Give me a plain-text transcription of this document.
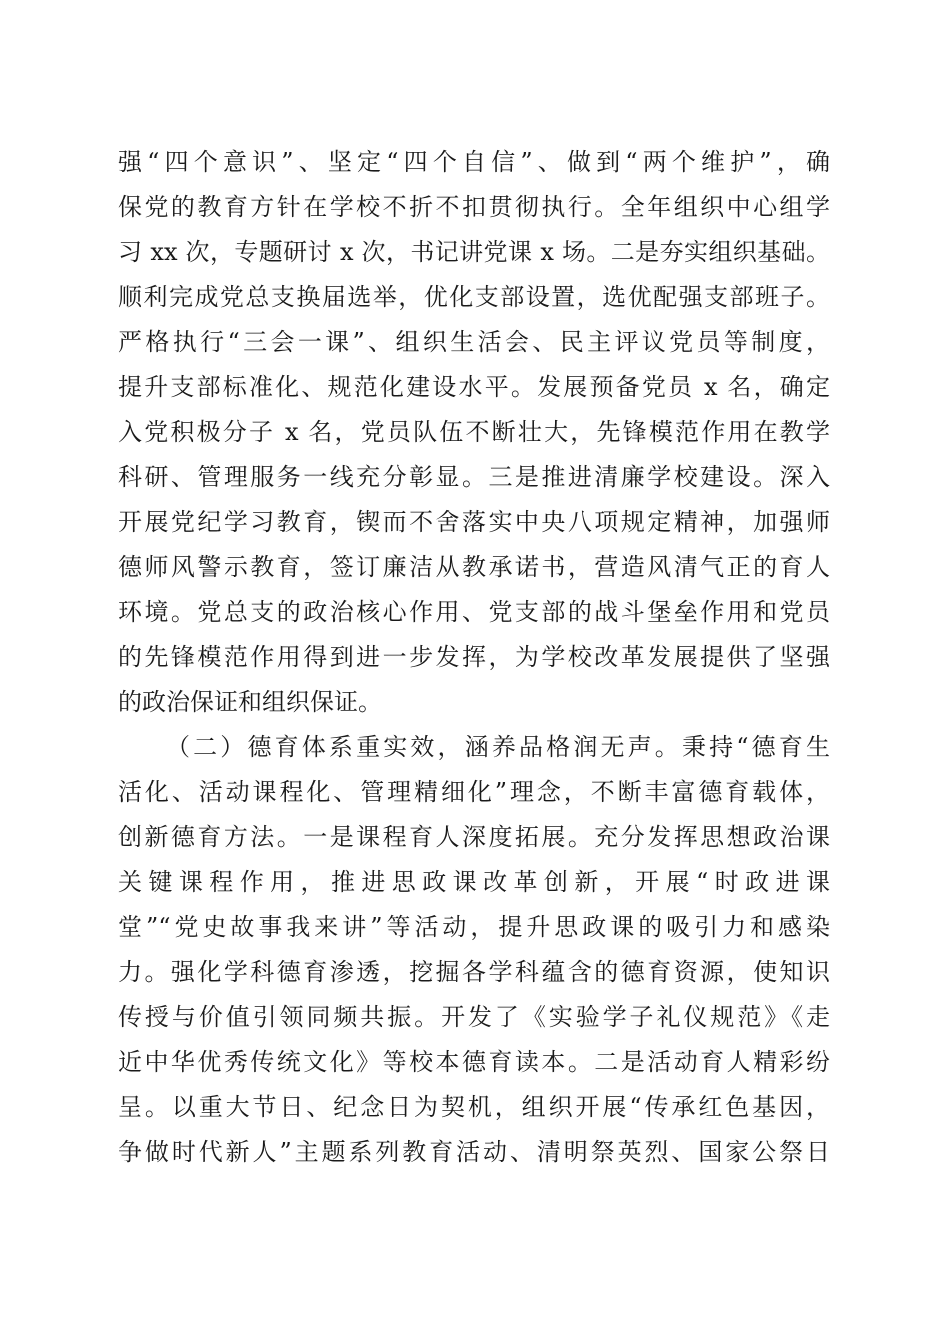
强“四个意识”、坚定“四个自信”、做到“两个维护”，确
保党的教育方针在学校不折不扣贯彻执行。全年组织中心组学
习 xx 次，专题研讨 x 次，书记讲党课 x 场。二是夯实组织基础。
顺利完成党总支换届选举，优化支部设置，选优配强支部班子。
严格执行“三会一课”、组织生活会、民主评议党员等制度，
提升支部标准化、规范化建设水平。发展预备党员 x 名，确定
入党积极分子 x 名，党员队伍不断壮大，先锋模范作用在教学
科研、管理服务一线充分彰显。三是推进清廉学校建设。深入
开展党纪学习教育，锲而不舍落实中央八项规定精神，加强师
德师风警示教育，签订廉洁从教承诺书，营造风清气正的育人
环境。党总支的政治核心作用、党支部的战斗堡垒作用和党员
的先锋模范作用得到进一步发挥，为学校改革发展提供了坚强
的政治保证和组织保证。
（二）德育体系重实效，涵养品格润无声。秉持“德育生
活化、活动课程化、管理精细化”理念，不断丰富德育载体，
创新德育方法。一是课程育人深度拓展。充分发挥思想政治课
关键课程作用，推进思政课改革创新，开展“时政进课
堂”“党史故事我来讲”等活动，提升思政课的吸引力和感染
力。强化学科德育渗透，挖掘各学科蕴含的德育资源，使知识
传授与价值引领同频共振。开发了《实验学子礼仪规范》《走
近中华优秀传统文化》等校本德育读本。二是活动育人精彩纷
呈。以重大节日、纪念日为契机，组织开展“传承红色基因，
争做时代新人”主题系列教育活动、清明祭英烈、国家公祭日
